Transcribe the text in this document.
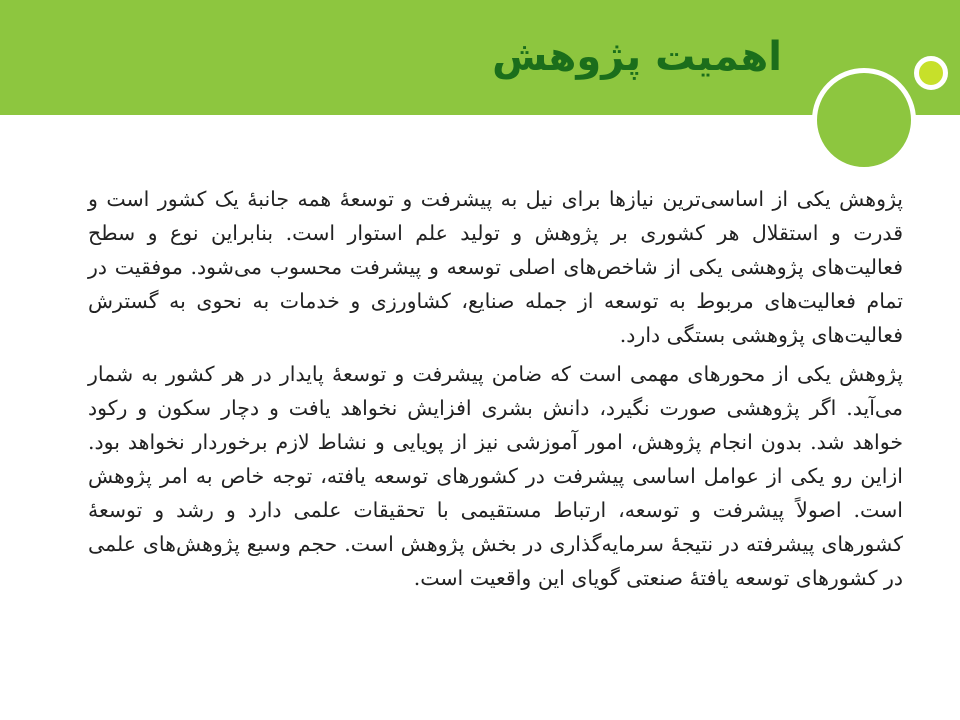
اهمیت پژوهش

پژوهش یکی از اساسی‌ترین نیازها برای نیل به پیشرفت و توسعهٔ همه جانبهٔ یک کشور است و قدرت و استقلال هر کشوری بر پژوهش و تولید علم استوار است. بنابراین نوع و سطح فعالیت‌های پژوهشی یکی از شاخص‌های اصلی توسعه و پیشرفت محسوب می‌شود. موفقیت در تمام فعالیت‌های مربوط به توسعه از جمله صنایع، کشاورزی و خدمات به نحوی به گسترش فعالیت‌های پژوهشی بستگی دارد.

پژوهش یکی از محورهای مهمی است که ضامن پیشرفت و توسعهٔ پایدار در هر کشور به شمار می‌آید. اگر پژوهشی صورت نگیرد، دانش بشری افزایش نخواهد یافت و دچار سکون و رکود خواهد شد. بدون انجام پژوهش، امور آموزشی نیز از پویایی و نشاط لازم برخوردار نخواهد بود. ازاین رو یکی از عوامل اساسی پیشرفت در کشورهای توسعه یافته، توجه خاص به امر پژوهش است. اصولاً پیشرفت و توسعه، ارتباط مستقیمی با تحقیقات علمی دارد و رشد و توسعهٔ کشورهای پیشرفته در نتیجهٔ سرمایه‌گذاری در بخش پژوهش است. حجم وسیع پژوهش‌های علمی در کشورهای توسعه یافتهٔ صنعتی گویای این واقعیت است.
